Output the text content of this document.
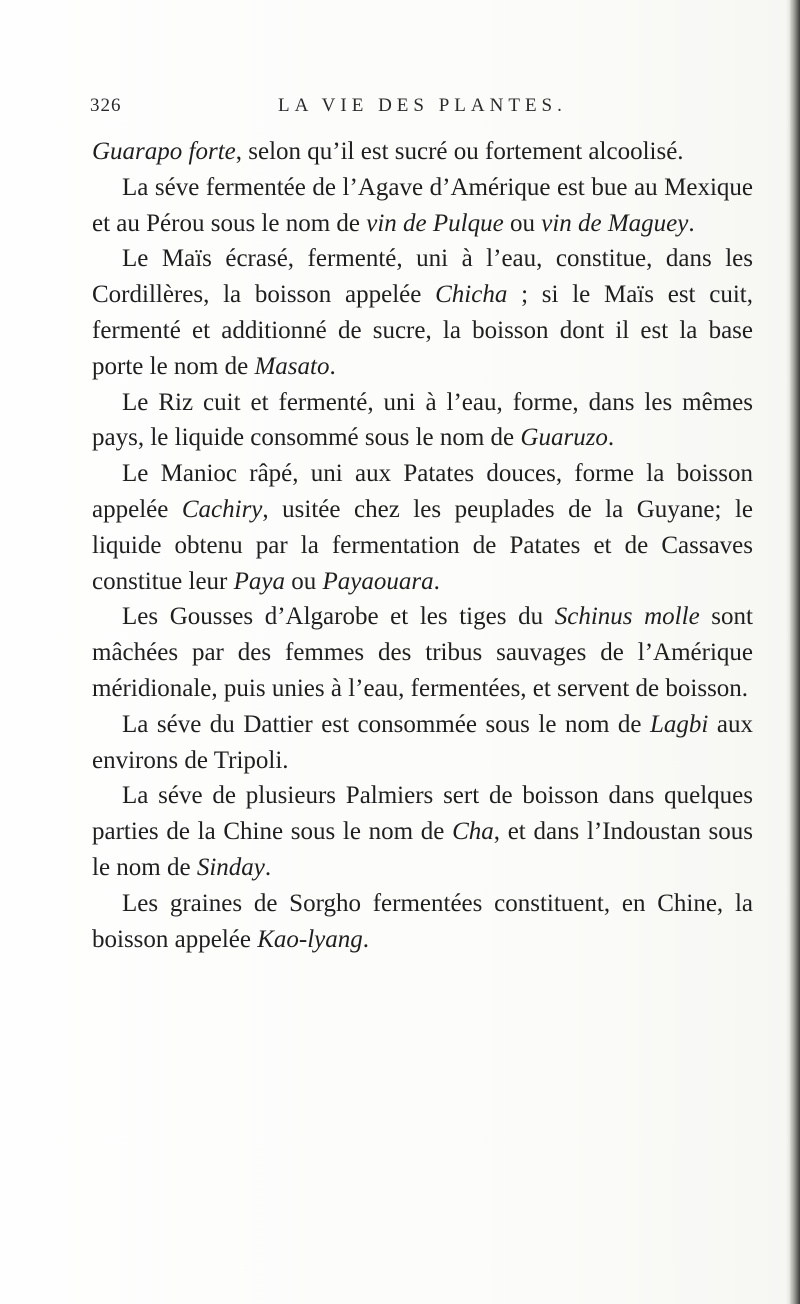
326	LA VIE DES PLANTES.

Guarapo forte, selon qu’il est sucré ou fortement alcoolisé.

La séve fermentée de l’Agave d’Amérique est bue au Mexique et au Pérou sous le nom de vin de Pulque ou vin de Maguey.

Le Maïs écrasé, fermenté, uni à l’eau, constitue, dans les Cordillères, la boisson appelée Chicha ; si le Maïs est cuit, fermenté et additionné de sucre, la boisson dont il est la base porte le nom de Masato.

Le Riz cuit et fermenté, uni à l’eau, forme, dans les mêmes pays, le liquide consommé sous le nom de Guaruzo.

Le Manioc râpé, uni aux Patates douces, forme la boisson appelée Cachiry, usitée chez les peuplades de la Guyane; le liquide obtenu par la fermentation de Patates et de Cassaves constitue leur Paya ou Payaouara.

Les Gousses d’Algarobe et les tiges du Schinus molle sont mâchées par des femmes des tribus sauvages de l’Amérique méridionale, puis unies à l’eau, fermentées, et servent de boisson.

La séve du Dattier est consommée sous le nom de Lagbi aux environs de Tripoli.

La séve de plusieurs Palmiers sert de boisson dans quelques parties de la Chine sous le nom de Cha, et dans l’Indoustan sous le nom de Sinday.

Les graines de Sorgho fermentées constituent, en Chine, la boisson appelée Kao-lyang.
